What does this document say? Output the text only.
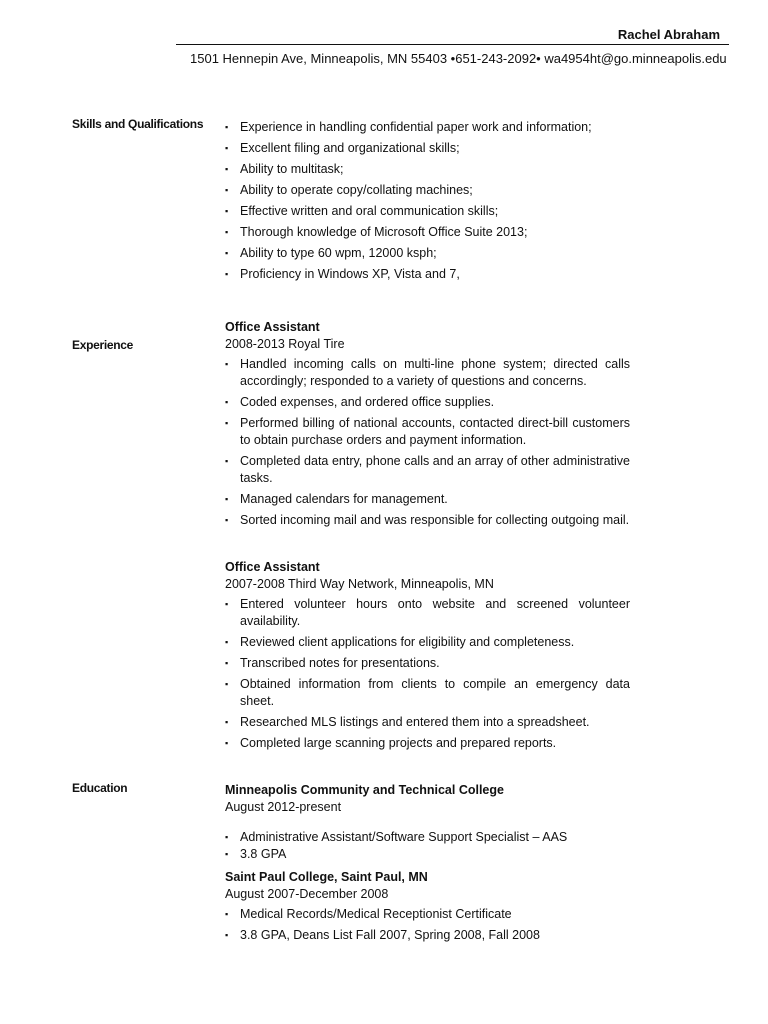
Rachel Abraham
1501 Hennepin Ave, Minneapolis, MN 55403 •651-243-2092• wa4954ht@go.minneapolis.edu
Skills and Qualifications ▪ Experience in handling confidential paper work and information;
▪ Excellent filing and organizational skills;
▪ Ability to multitask;
▪ Ability to operate copy/collating machines;
▪ Effective written and oral communication skills;
▪ Thorough knowledge of Microsoft Office Suite 2013;
▪ Ability to type 60 wpm, 12000 ksph;
▪ Proficiency in Windows XP, Vista and 7,
Experience

Office Assistant

2008-2013 Royal Tire

▪ Handled incoming calls on multi-line phone system; directed calls accordingly; responded to a variety of questions and concerns.
▪ Coded expenses, and ordered office supplies.
▪ Performed billing of national accounts, contacted direct-bill customers to obtain purchase orders and payment information.
▪ Completed data entry, phone calls and an array of other administrative tasks.
▪ Managed calendars for management.
▪ Sorted incoming mail and was responsible for collecting outgoing mail.

Office Assistant

2007-2008 Third Way Network, Minneapolis, MN

▪ Entered volunteer hours onto website and screened volunteer availability.
▪ Reviewed client applications for eligibility and completeness.
▪ Transcribed notes for presentations.
▪ Obtained information from clients to compile an emergency data sheet.
▪ Researched MLS listings and entered them into a spreadsheet.
▪ Completed large scanning projects and prepared reports.
Education	Minneapolis Community and Technical College

August 2012-present

▪ Administrative Assistant/Software Support Specialist – AAS
▪ 3.8 GPA

Saint Paul College, Saint Paul, MN

August 2007-December 2008

▪ Medical Records/Medical Receptionist Certificate
▪ 3.8 GPA, Deans List Fall 2007, Spring 2008, Fall 2008
